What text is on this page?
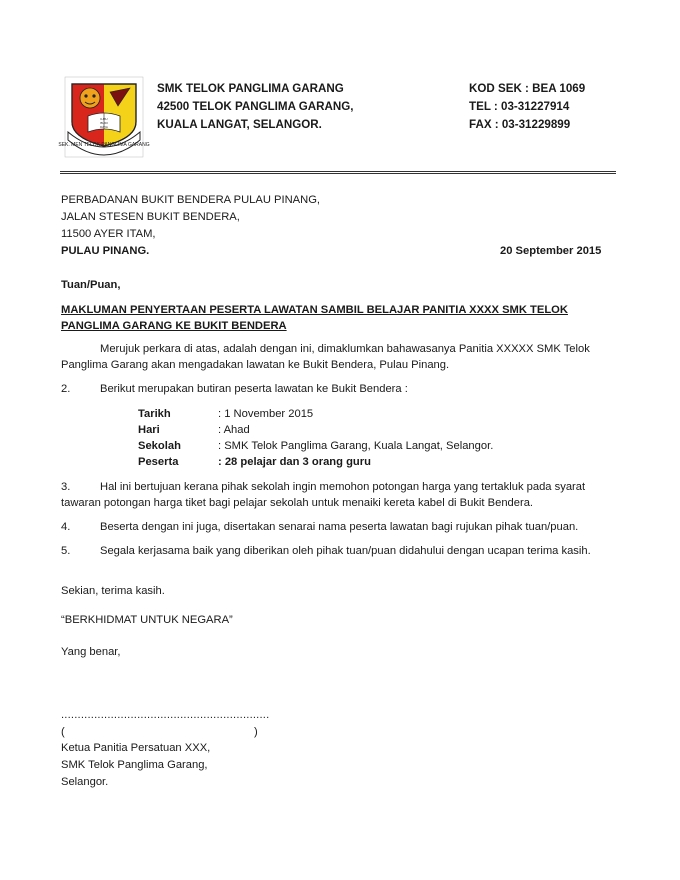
SEK. MEN TELOK PANGLIMA GARANG
ILMU
BUDI
DAYA
SMK TELOK PANGLIMA GARANG
42500 TELOK PANGLIMA GARANG,
KUALA LANGAT, SELANGOR.
KOD SEK : BEA 1069
TEL : 03-31227914
FAX : 03-31229899
PERBADANAN BUKIT BENDERA PULAU PINANG,
JALAN STESEN BUKIT BENDERA,
11500 AYER ITAM,
PULAU PINANG.	20 September 2015
Tuan/Puan,
MAKLUMAN PENYERTAAN PESERTA LAWATAN SAMBIL BELAJAR PANITIA XXXX SMK TELOK PANGLIMA GARANG KE BUKIT BENDERA
Merujuk perkara di atas, adalah dengan ini, dimaklumkan bahawasanya Panitia XXXXX SMK Telok
Panglima Garang akan mengadakan lawatan ke Bukit Bendera, Pulau Pinang.
2.	Berikut merupakan butiran peserta lawatan ke Bukit Bendera :
Tarikh	: 1 November 2015
Hari	: Ahad
Sekolah	: SMK Telok Panglima Garang, Kuala Langat, Selangor.
Peserta	: 28 pelajar dan 3 orang guru
3.	Hal ini bertujuan kerana pihak sekolah ingin memohon potongan harga yang tertakluk pada syarat
tawaran potongan harga tiket bagi pelajar sekolah untuk menaiki kereta kabel di Bukit Bendera.
4.	Beserta dengan ini juga, disertakan senarai nama peserta lawatan bagi rujukan pihak tuan/puan.
5.	Segala kerjasama baik yang diberikan oleh pihak tuan/puan didahului dengan ucapan terima kasih.
Sekian, terima kasih.
“BERKHIDMAT UNTUK NEGARA”
Yang benar,
...............................................................
(	)
Ketua Panitia Persatuan XXX,
SMK Telok Panglima Garang,
Selangor.
